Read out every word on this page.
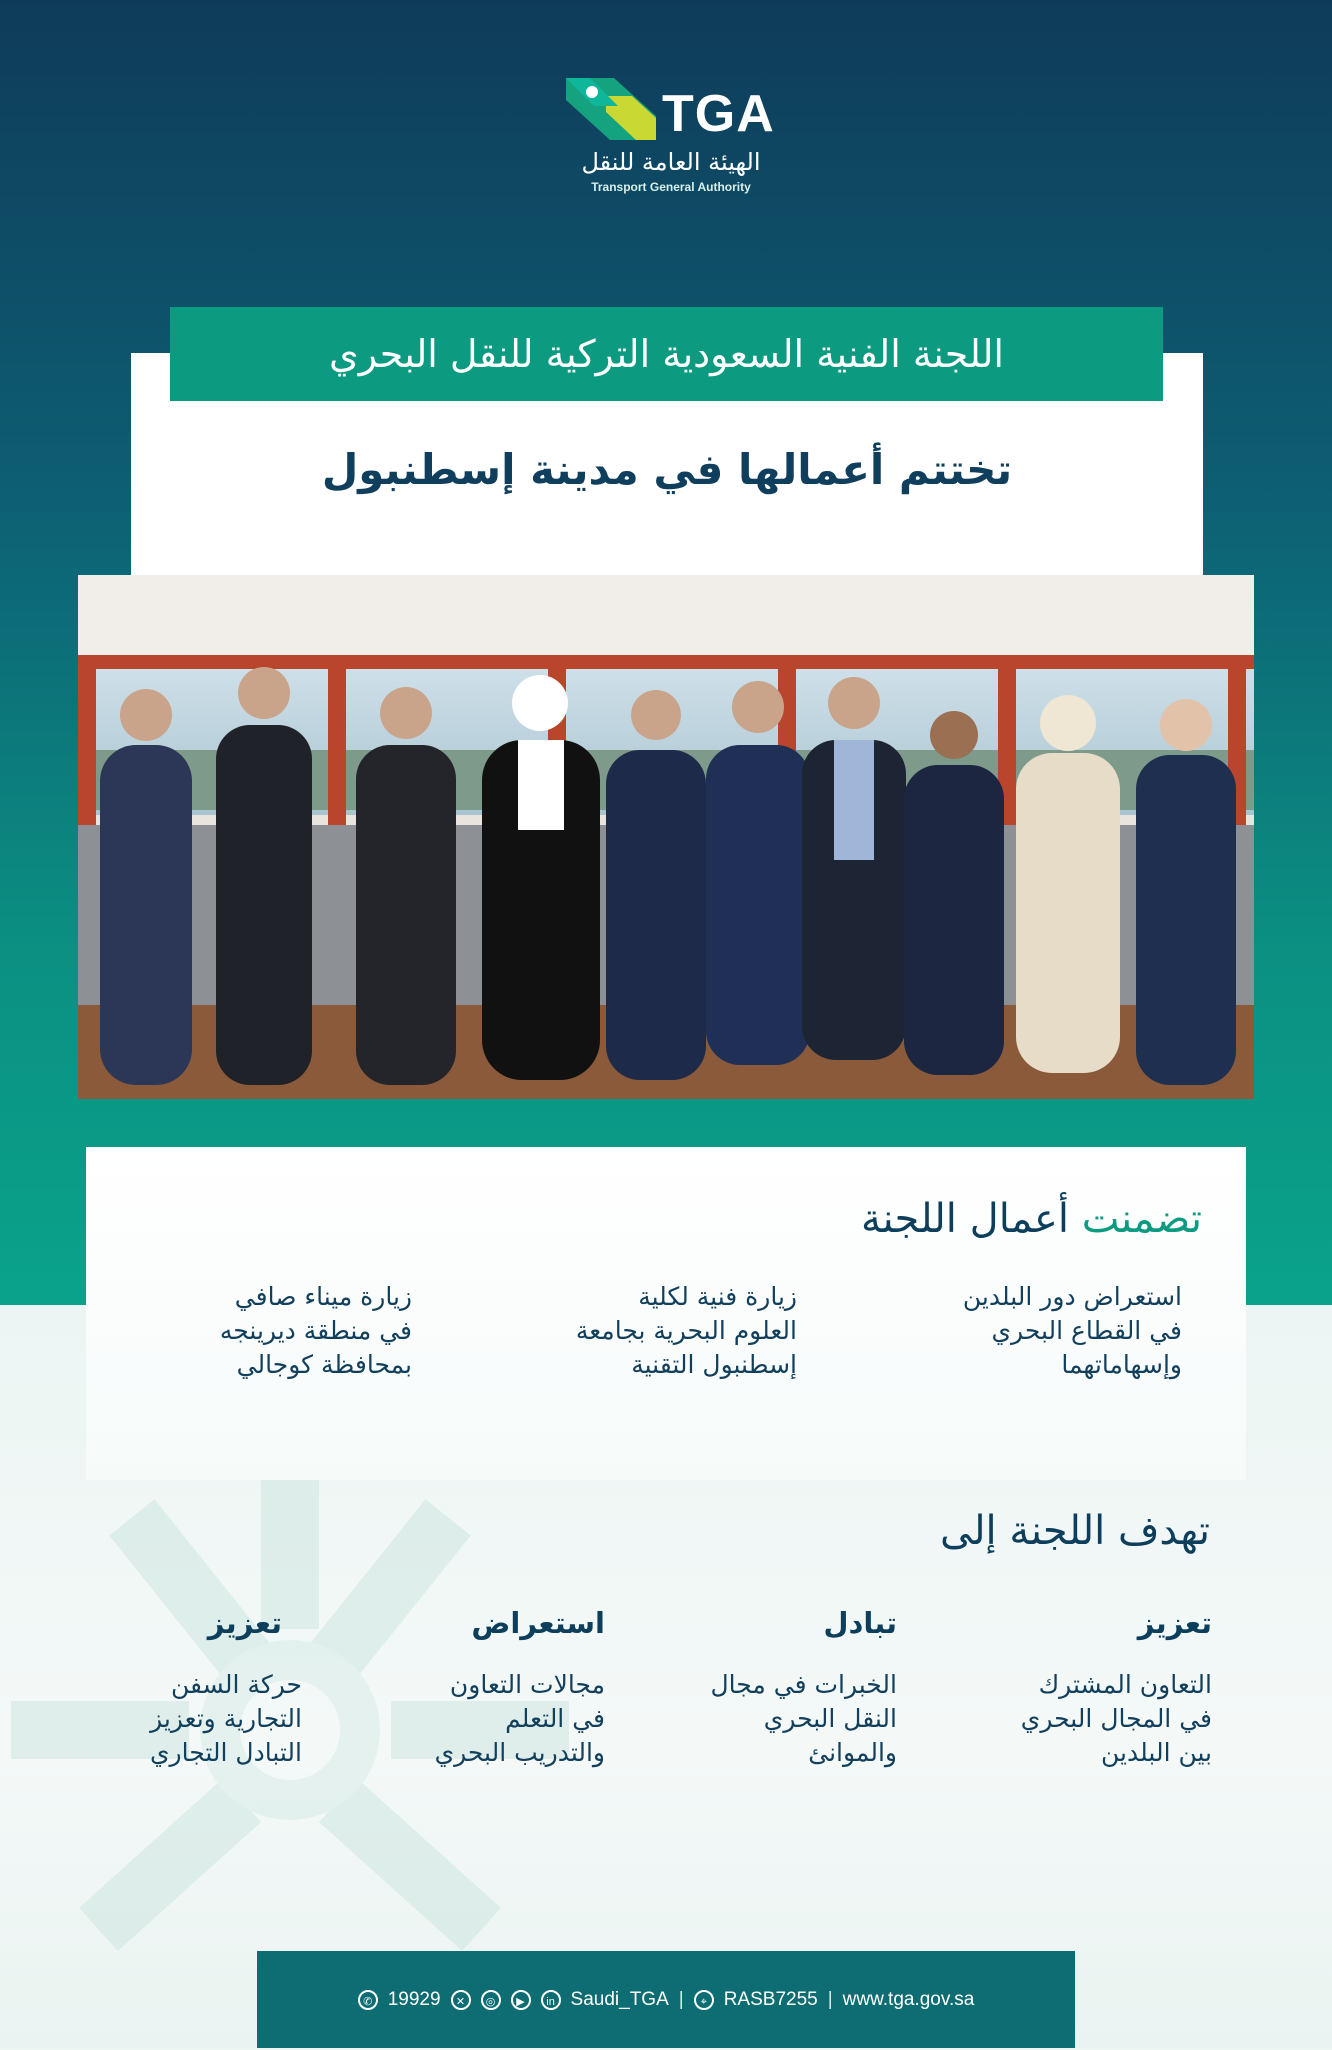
TGA
الهيئة العامة للنقل
Transport General Authority
اللجنة الفنية السعودية التركية للنقل البحري
تختتم أعمالها في مدينة إسطنبول
تضمنت أعمال اللجنة
استعراض دور البلدين
في القطاع البحري
وإسهاماتهما
زيارة فنية لكلية
العلوم البحرية بجامعة
إسطنبول التقنية
زيارة ميناء صافي
في منطقة ديرينجه
بمحافظة كوجالي
تهدف اللجنة إلى
تعزيز
التعاون المشترك
في المجال البحري
بين البلدين
تبادل
الخبرات في مجال
النقل البحري
والموانئ
استعراض
مجالات التعاون
في التعلم
والتدريب البحري
تعزيز
حركة السفن
التجارية وتعزيز
التبادل التجاري
✆ 19929	✕	◎	▶	in Saudi_TGA |	⌖ RASB7255 | www.tga.gov.sa
